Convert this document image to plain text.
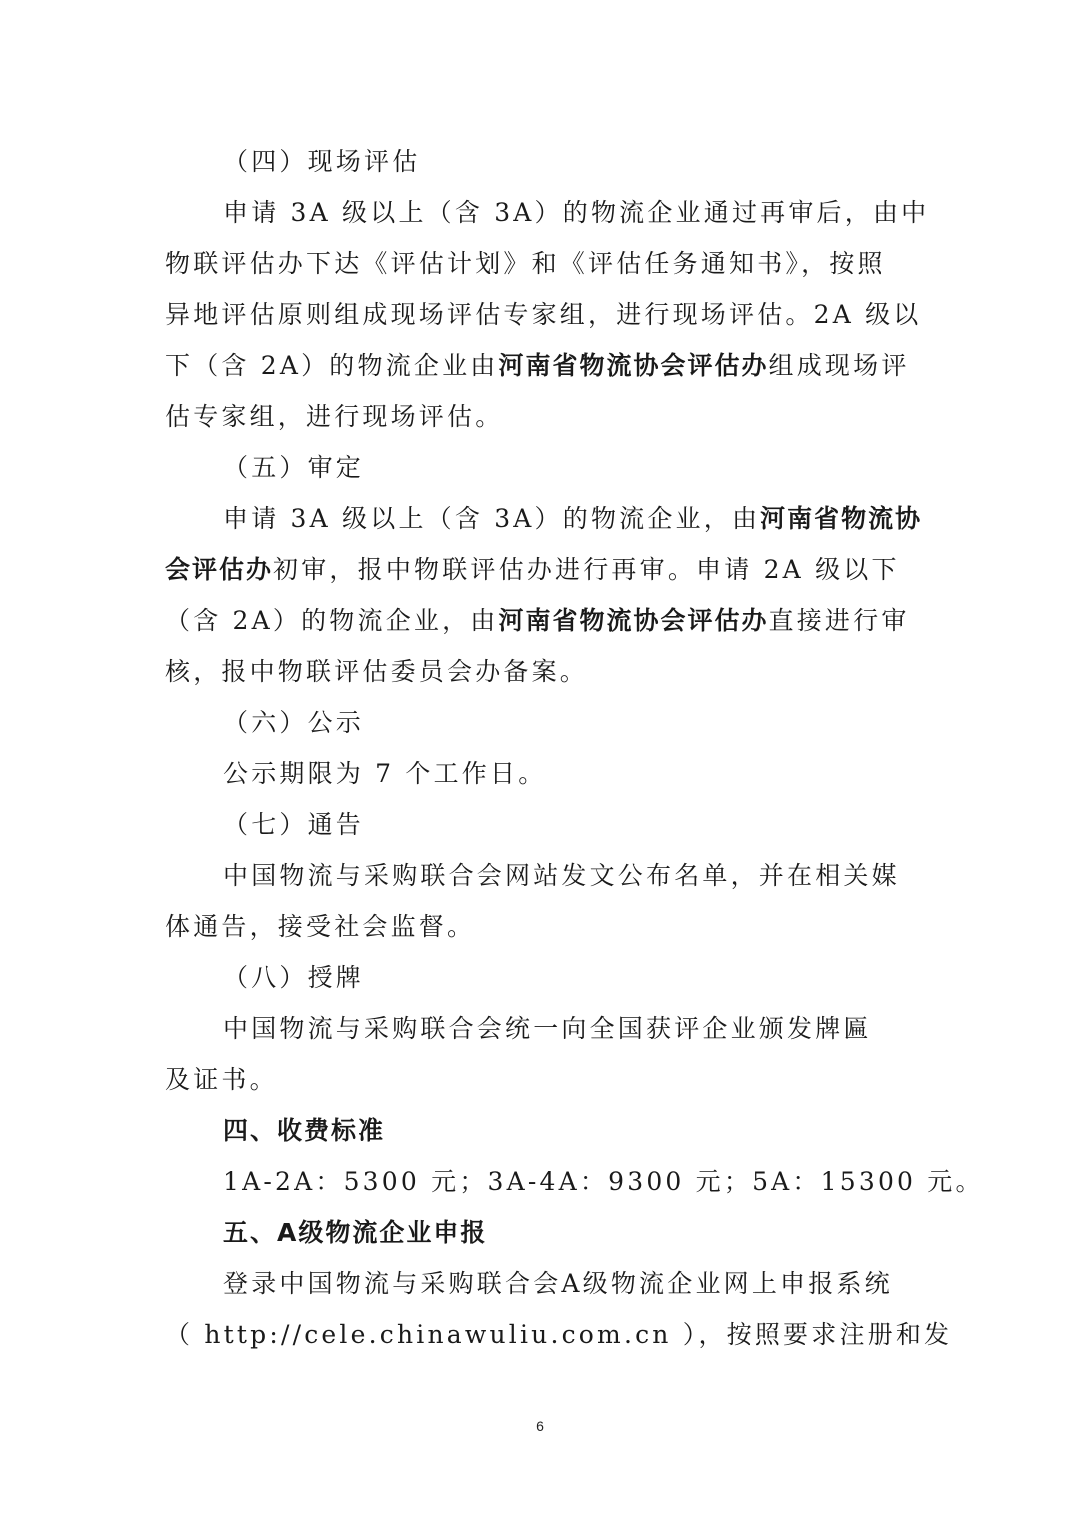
（四）现场评估
申请 3A 级以上（含 3A）的物流企业通过再审后，由中
物联评估办下达《评估计划》和《评估任务通知书》，按照
异地评估原则组成现场评估专家组，进行现场评估。2A 级以
下（含 2A）的物流企业由河南省物流协会评估办组成现场评
估专家组，进行现场评估。
（五）审定
申请 3A 级以上（含 3A）的物流企业，由河南省物流协
会评估办初审，报中物联评估办进行再审。申请 2A 级以下
（含 2A）的物流企业，由河南省物流协会评估办直接进行审
核，报中物联评估委员会办备案。
（六）公示
公示期限为 7 个工作日。
（七）通告
中国物流与采购联合会网站发文公布名单，并在相关媒
体通告，接受社会监督。
（八）授牌
中国物流与采购联合会统一向全国获评企业颁发牌匾
及证书。
四、收费标准
1A-2A：5300 元；3A-4A：9300 元；5A：15300 元。
五、A级物流企业申报
登录中国物流与采购联合会A级物流企业网上申报系统
（ http://cele.chinawuliu.com.cn ），按照要求注册和发
6
